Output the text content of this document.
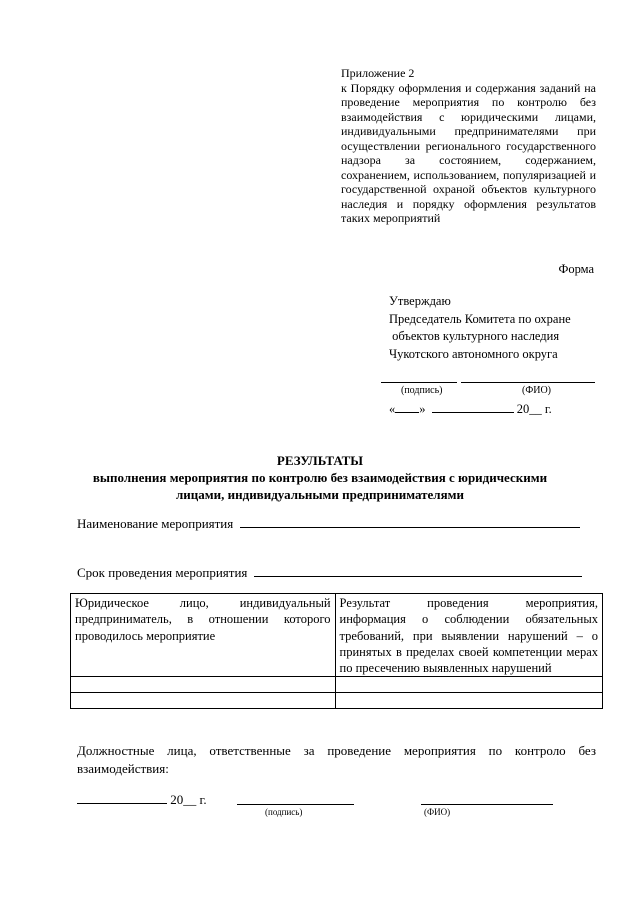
Приложение 2
к Порядку оформления и содержания заданий на проведение мероприятия по контролю без взаимодействия с юридическими лицами, индивидуальными предпринимателями при осуществлении регионального государственного надзора за состоянием, содержанием, сохранением, использованием, популяризацией и государственной охраной объектов культурного наследия и порядку оформления результатов таких мероприятий
Форма
Утверждаю
Председатель Комитета по охране
объектов культурного наследия
Чукотского автономного округа
(подпись)	(ФИО)
« »	20__ г.
РЕЗУЛЬТАТЫ
выполнения мероприятия по контролю без взаимодействия с юридическими
лицами, индивидуальными предпринимателями
Наименование мероприятия
Срок проведения мероприятия
Юридическое лицо, индивидуальный предприниматель, в отношении которого проводилось мероприятие	Результат проведения мероприятия, информация о соблюдении обязательных требований, при выявлении нарушений – о принятых в пределах своей компетенции мерах по пресечению выявленных нарушений

Должностные лица, ответственные за проведение мероприятия по контроло без взаимодействия:
20__ г.
(подпись)	(ФИО)
